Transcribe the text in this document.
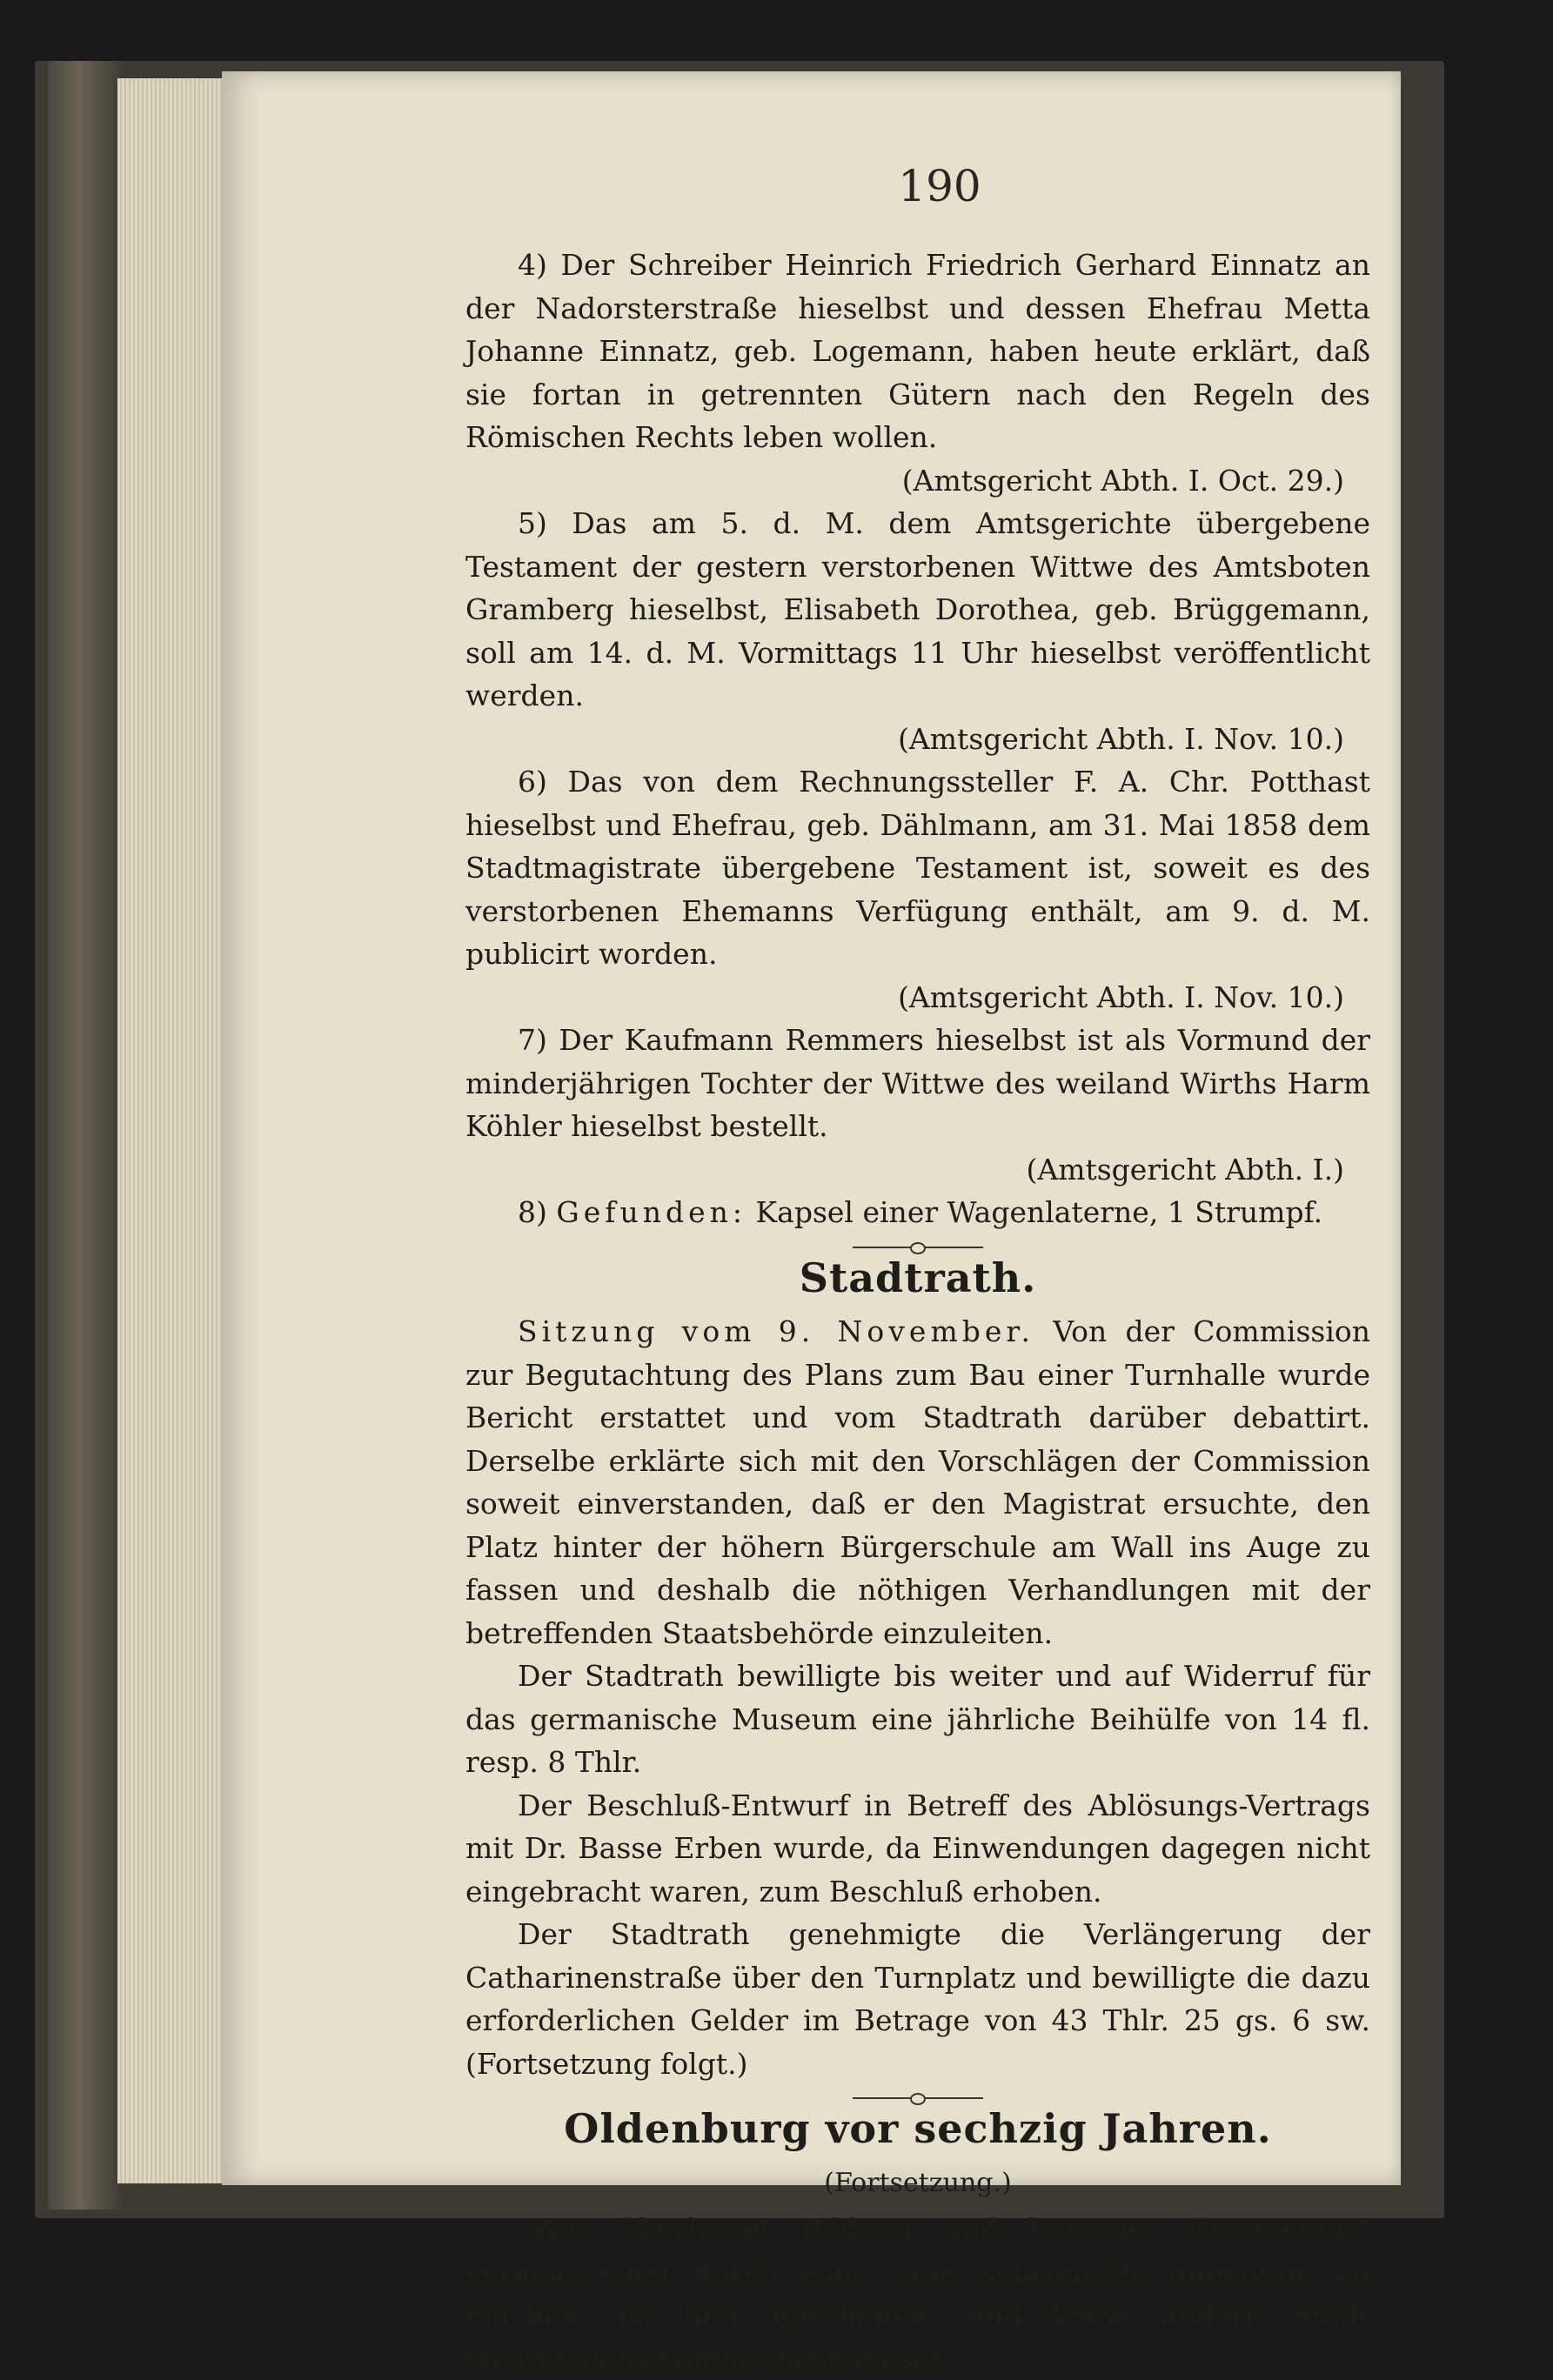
190

4) Der Schreiber Heinrich Friedrich Gerhard Einnatz an der Nadorsterstraße hieselbst und dessen Ehefrau Metta Johanne Einnatz, geb. Logemann, haben heute erklärt, daß sie fortan in getrennten Gütern nach den Regeln des Römischen Rechts leben wollen.
(Amtsgericht Abth. I. Oct. 29.)

5) Das am 5. d. M. dem Amtsgerichte übergebene Testament der gestern verstorbenen Wittwe des Amtsboten Gramberg hieselbst, Elisabeth Dorothea, geb. Brüggemann, soll am 14. d. M. Vormittags 11 Uhr hieselbst veröffentlicht werden.
(Amtsgericht Abth. I. Nov. 10.)

6) Das von dem Rechnungssteller F. A. Chr. Potthast hieselbst und Ehefrau, geb. Dählmann, am 31. Mai 1858 dem Stadtmagistrate übergebene Testament ist, soweit es des verstorbenen Ehemanns Verfügung enthält, am 9. d. M. publicirt worden.
(Amtsgericht Abth. I. Nov. 10.)

7) Der Kaufmann Remmers hieselbst ist als Vormund der minderjährigen Tochter der Wittwe des weiland Wirths Harm Köhler hieselbst bestellt.
(Amtsgericht Abth. I.)

8) Gefunden: Kapsel einer Wagenlaterne, 1 Strumpf.

Stadtrath.

Sitzung vom 9. November. Von der Commission zur Begutachtung des Plans zum Bau einer Turnhalle wurde Bericht erstattet und vom Stadtrath darüber debattirt. Derselbe erklärte sich mit den Vorschlägen der Commission soweit einverstanden, daß er den Magistrat ersuchte, den Platz hinter der höhern Bürgerschule am Wall ins Auge zu fassen und deshalb die nöthigen Verhandlungen mit der betreffenden Staatsbehörde einzuleiten.

Der Stadtrath bewilligte bis weiter und auf Widerruf für das germanische Museum eine jährliche Beihülfe von 14 fl. resp. 8 Thlr.

Der Beschluß-Entwurf in Betreff des Ablösungs-Vertrags mit Dr. Basse Erben wurde, da Einwendungen dagegen nicht eingebracht waren, zum Beschluß erhoben.

Der Stadtrath genehmigte die Verlängerung der Catharinenstraße über den Turnplatz und bewilligte die dazu erforderlichen Gelder im Betrage von 43 Thlr. 25 gs. 6 sw. (Fortsetzung folgt.)

Oldenburg vor sechzig Jahren.
(Fortsetzung.)

„Was überhaupt Bildung und humaner Gemeingeist vermag, einen durch seine Lage isolirten Ort angenehm zu machen, ist hier geschehen, und keine andere Stadt Westphalens kommt darin dieser
